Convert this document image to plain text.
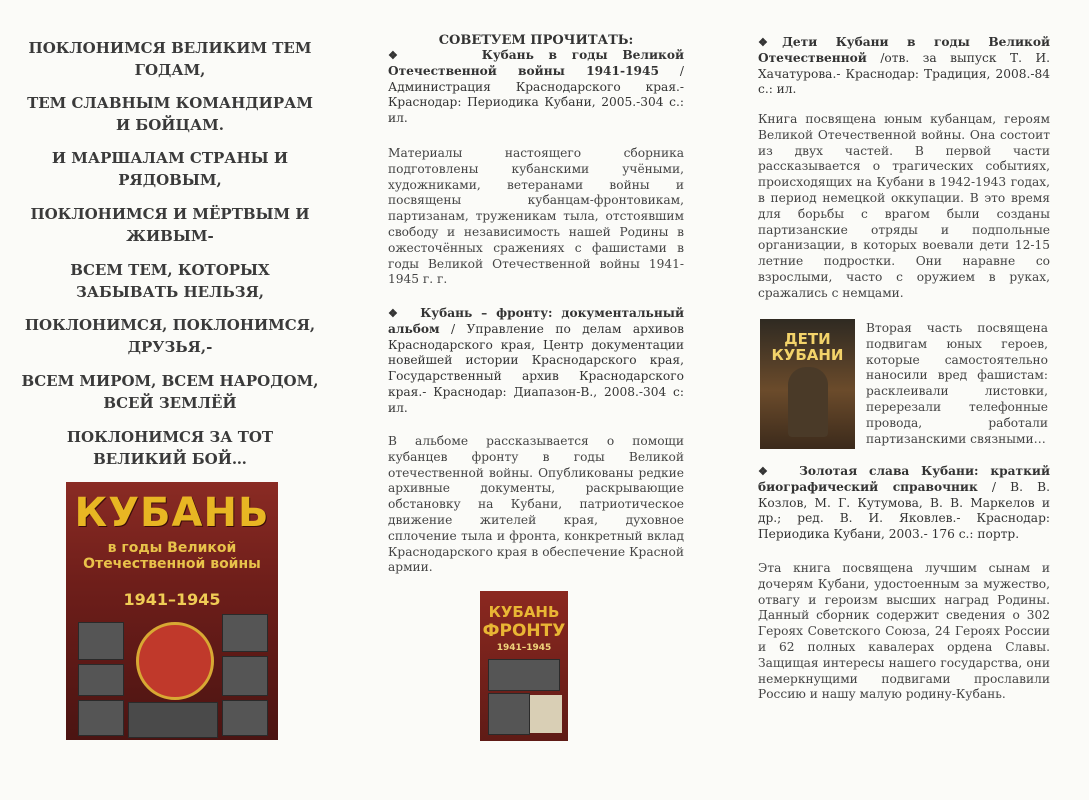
ПОКЛОНИМСЯ ВЕЛИКИМ ТЕМ ГОДАМ,

ТЕМ СЛАВНЫМ КОМАНДИРАМ И БОЙЦАМ.

И МАРШАЛАМ СТРАНЫ И РЯДОВЫМ,

ПОКЛОНИМСЯ И МЁРТВЫМ И ЖИВЫМ-

ВСЕМ ТЕМ, КОТОРЫХ ЗАБЫВАТЬ НЕЛЬЗЯ,

ПОКЛОНИМСЯ, ПОКЛОНИМСЯ, ДРУЗЬЯ,-

ВСЕМ МИРОМ, ВСЕМ НАРОДОМ, ВСЕЙ ЗЕМЛЁЙ

ПОКЛОНИМСЯ ЗА ТОТ ВЕЛИКИЙ БОЙ…

КУБАНЬ
в годы Великой Отечественной войны
1941–1945

СОВЕТУЕМ ПРОЧИТАТЬ:

❖	Кубань в годы Великой Отечественной войны 1941-1945 / Администрация Краснодарского края.- Краснодар: Периодика Кубани, 2005.-304 с.: ил.

Материалы настоящего сборника подготовлены кубанскими учёными, художниками, ветеранами войны и посвящены кубанцам-фронтовикам, партизанам, труженикам тыла, отстоявшим свободу и независимость нашей Родины в ожесточённых сражениях с фашистами в годы Великой Отечественной войны 1941-1945 г. г.

❖ Кубань – фронту: документальный альбом / Управление по делам архивов Краснодарского края, Центр документации новейшей истории Краснодарского края, Государственный архив Краснодарского края.- Краснодар: Диапазон-В., 2008.-304 с: ил.

В альбоме рассказывается о помощи кубанцев фронту в годы Великой отечественной войны. Опубликованы редкие архивные документы, раскрывающие обстановку на Кубани, патриотическое движение жителей края, духовное сплочение тыла и фронта, конкретный вклад Краснодарского края в обеспечение Красной армии.

КУБАНЬ
ФРОНТУ
1941–1945

❖Дети Кубани в годы Великой Отечественной /отв. за выпуск Т. И. Хачатурова.- Краснодар: Традиция, 2008.-84 с.: ил.

Книга посвящена юным кубанцам, героям Великой Отечественной войны. Она состоит из двух частей. В первой части рассказывается о трагических событиях, происходящих на Кубани в 1942-1943 годах, в период немецкой оккупации. В это время для борьбы с врагом были созданы партизанские отряды и подпольные организации, в которых воевали дети 12-15 летние подростки. Они наравне со взрослыми, часто с оружием в руках, сражались с немцами.

ДЕТИ КУБАНИ

Вторая часть посвящена подвигам юных героев, которые самостоятельно наносили вред фашистам: расклеивали листовки, перерезали телефонные провода, работали партизанскими связными…

❖ Золотая слава Кубани: краткий биографический справочник / В. В. Козлов, М. Г. Кутумова, В. В. Маркелов и др.; ред. В. И. Яковлев.- Краснодар: Периодика Кубани, 2003.- 176 с.: портр.

Эта книга посвящена лучшим сынам и дочерям Кубани, удостоенным за мужество, отвагу и героизм высших наград Родины. Данный сборник содержит сведения о 302 Героях Советского Союза, 24 Героях России и 62 полных кавалерах ордена Славы. Защищая интересы нашего государства, они немеркнущими подвигами прославили Россию и нашу малую родину-Кубань.
